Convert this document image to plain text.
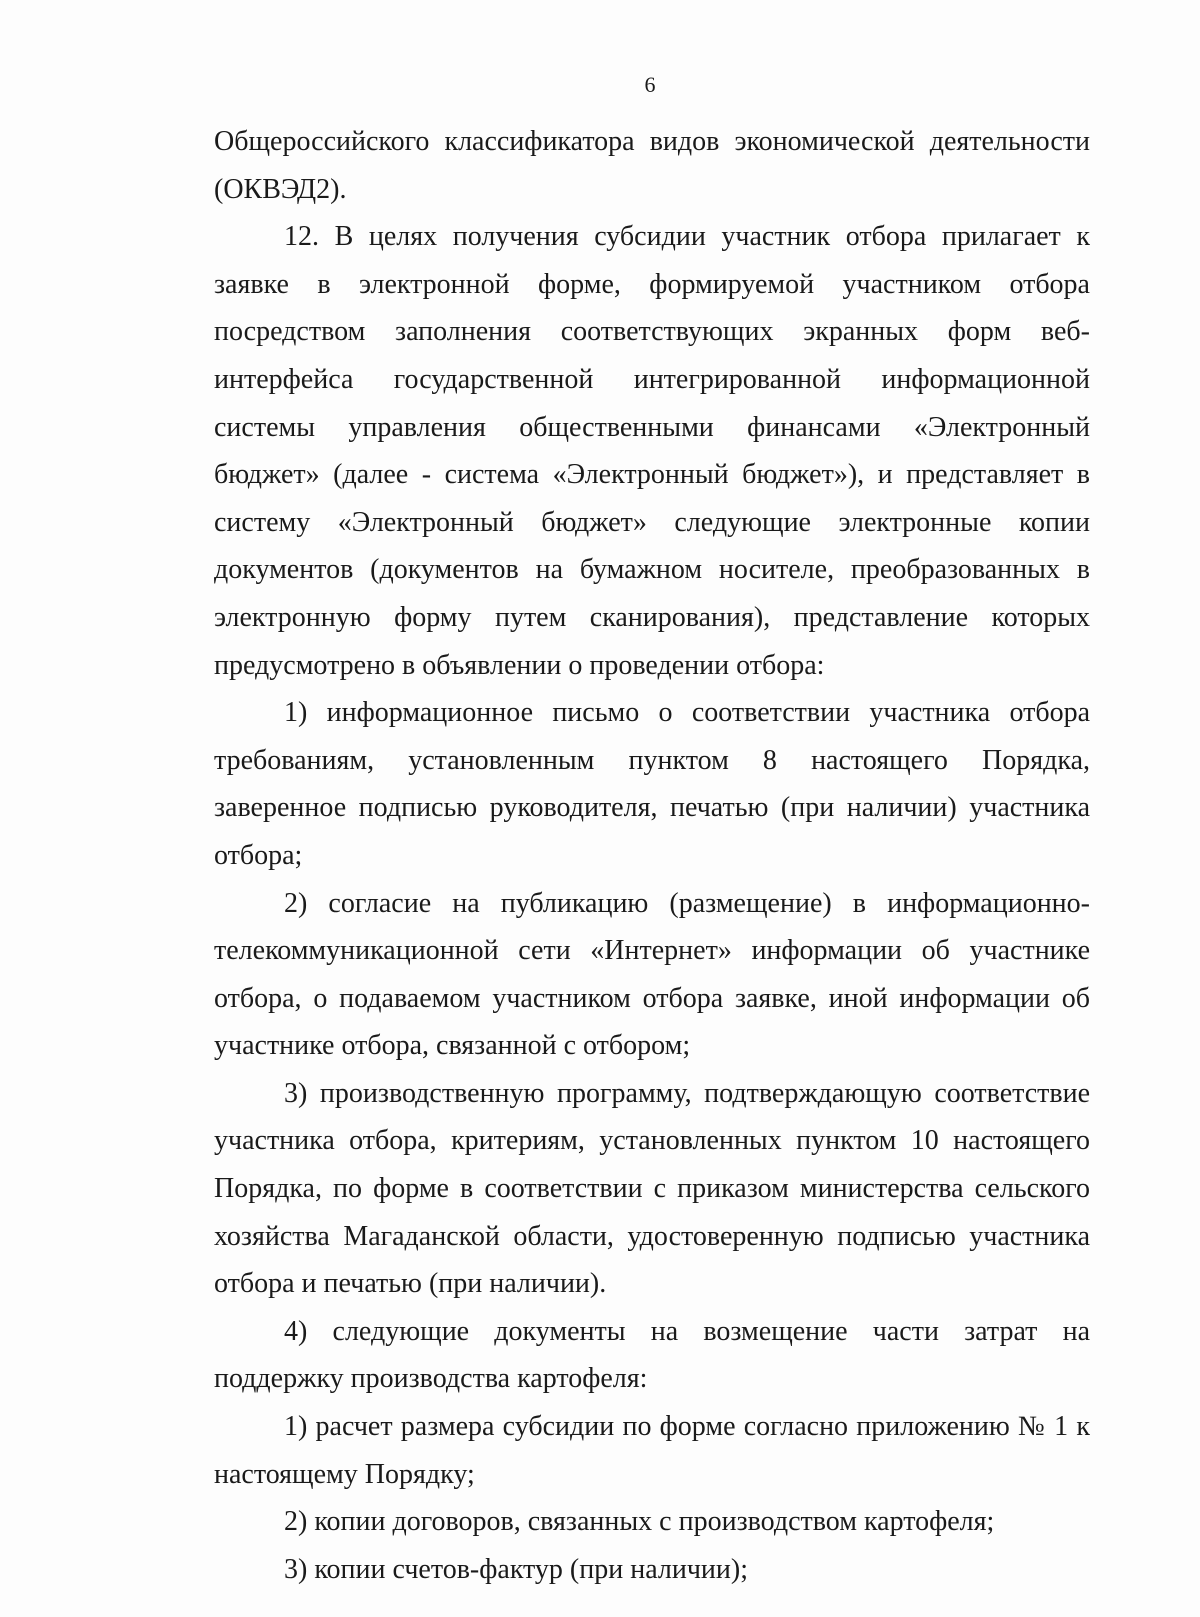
6

Общероссийского классификатора видов экономической деятельности (ОКВЭД2).

12. В целях получения субсидии участник отбора прилагает к заявке в электронной форме, формируемой участником отбора посредством заполнения соответствующих экранных форм веб-интерфейса государственной интегрированной информационной системы управления общественными финансами «Электронный бюджет» (далее - система «Электронный бюджет»), и представляет в систему «Электронный бюджет» следующие электронные копии документов (документов на бумажном носителе, преобразованных в электронную форму путем сканирования), представление которых предусмотрено в объявлении о проведении отбора:

1) информационное письмо о соответствии участника отбора требованиям, установленным пунктом 8 настоящего Порядка, заверенное подписью руководителя, печатью (при наличии) участника отбора;

2) согласие на публикацию (размещение) в информационно-телекоммуникационной сети «Интернет» информации об участнике отбора, о подаваемом участником отбора заявке, иной информации об участнике отбора, связанной с отбором;

3) производственную программу, подтверждающую соответствие участника отбора, критериям, установленных пунктом 10 настоящего Порядка, по форме в соответствии с приказом министерства сельского хозяйства Магаданской области, удостоверенную подписью участника отбора и печатью (при наличии).

4) следующие документы на возмещение части затрат на поддержку производства картофеля:

1) расчет размера субсидии по форме согласно приложению № 1 к настоящему Порядку;

2) копии договоров, связанных с производством картофеля;

3) копии счетов-фактур (при наличии);
